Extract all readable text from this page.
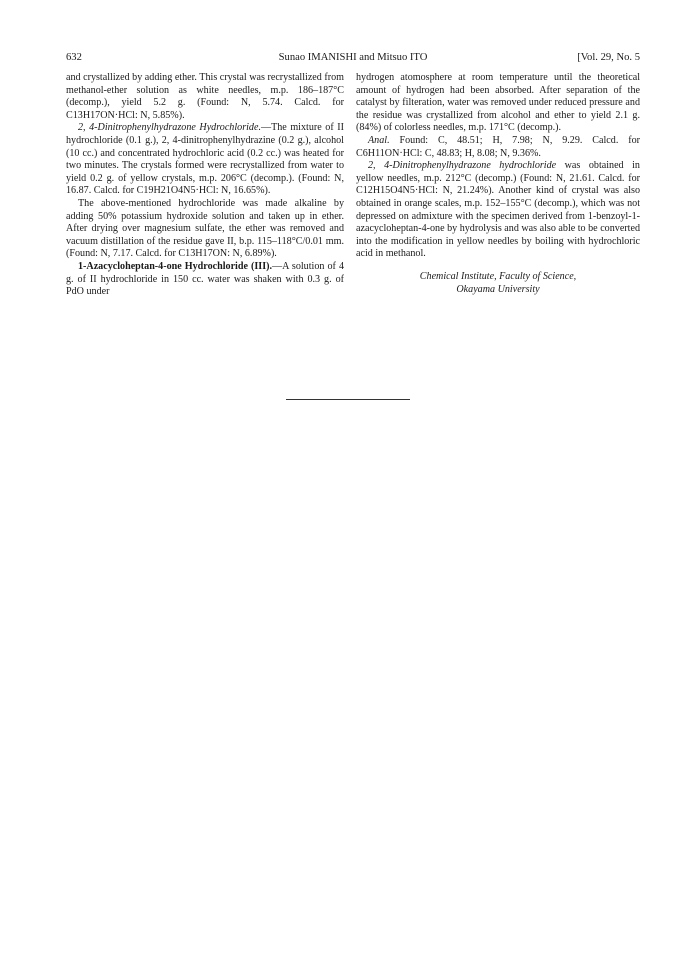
632	Sunao IMANISHI and Mitsuo ITO	[Vol. 29, No. 5

and crystallized by adding ether. This crystal was recrystallized from methanol-ether solution as white needles, m.p. 186–187°C (decomp.), yield 5.2 g. (Found: N, 5.74. Calcd. for C13H17ON·HCl: N, 5.85%).

2, 4-Dinitrophenylhydrazone Hydrochloride.—The mixture of II hydrochloride (0.1 g.), 2, 4-dinitrophenylhydrazine (0.2 g.), alcohol (10 cc.) and concentrated hydrochloric acid (0.2 cc.) was heated for two minutes. The crystals formed were recrystallized from water to yield 0.2 g. of yellow crystals, m.p. 206°C (decomp.). (Found: N, 16.87. Calcd. for C19H21O4N5·HCl: N, 16.65%).

The above-mentioned hydrochloride was made alkaline by adding 50% potassium hydroxide solution and taken up in ether. After drying over magnesium sulfate, the ether was removed and vacuum distillation of the residue gave II, b.p. 115–118°C/0.01 mm. (Found: N, 7.17. Calcd. for C13H17ON: N, 6.89%).

1-Azacycloheptan-4-one Hydrochloride (III).—A solution of 4 g. of II hydrochloride in 150 cc. water was shaken with 0.3 g. of PdO under

hydrogen atomosphere at room temperature until the theoretical amount of hydrogen had been absorbed. After separation of the catalyst by filteration, water was removed under reduced pressure and the residue was crystallized from alcohol and ether to yield 2.1 g. (84%) of colorless needles, m.p. 171°C (decomp.).

Anal. Found: C, 48.51; H, 7.98; N, 9.29. Calcd. for C6H11ON·HCl: C, 48.83; H, 8.08; N, 9.36%.

2, 4-Dinitrophenylhydrazone hydrochloride was obtained in yellow needles, m.p. 212°C (decomp.) (Found: N, 21.61. Calcd. for C12H15O4N5·HCl: N, 21.24%). Another kind of crystal was also obtained in orange scales, m.p. 152–155°C (decomp.), which was not depressed on admixture with the specimen derived from 1-benzoyl-1-azacycloheptan-4-one by hydrolysis and was also able to be converted into the modification in yellow needles by boiling with hydrochloric acid in methanol.

Chemical Institute, Faculty of Science,
Okayama University
